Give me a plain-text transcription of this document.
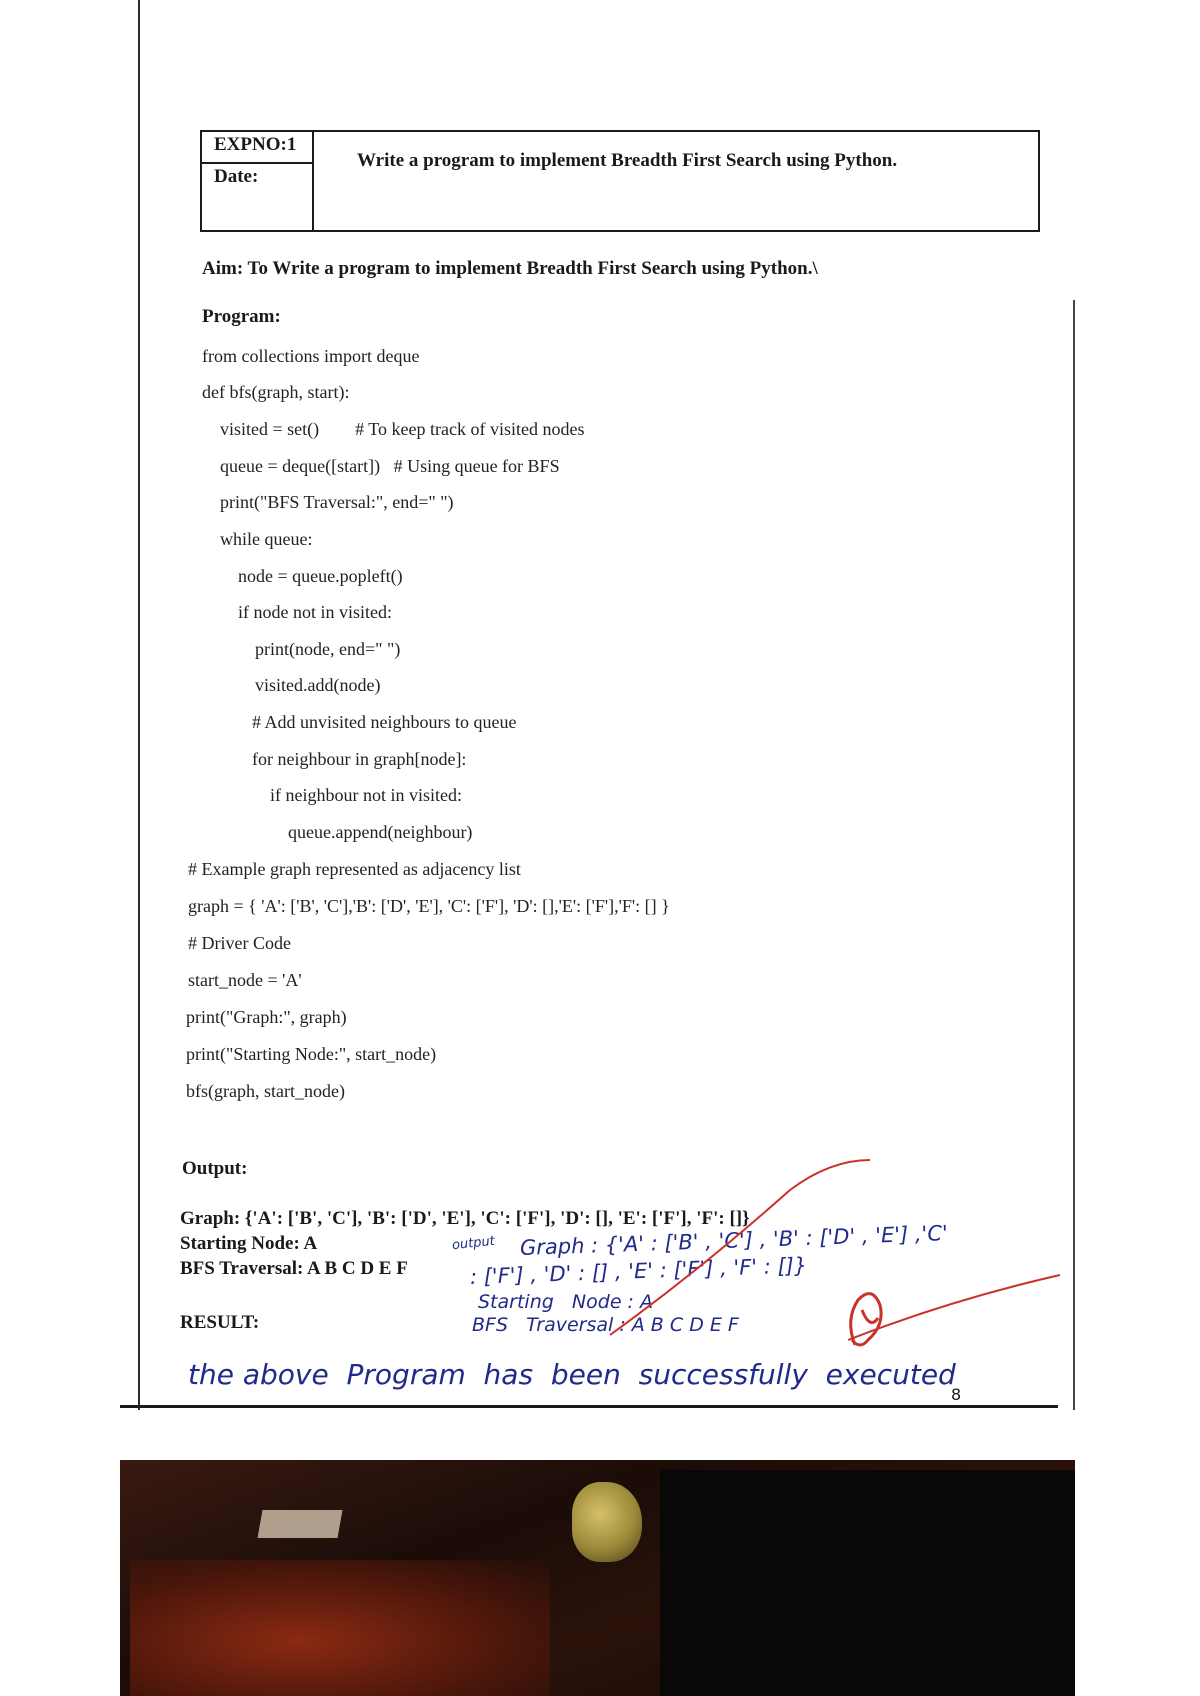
EXPNO:1
Date:
Write a program to implement Breadth First Search using Python.
Aim: To Write a program to implement Breadth First Search using Python.\
Program:
from collections import deque
def bfs(graph, start):
visited = set()        # To keep track of visited nodes
queue = deque([start])   # Using queue for BFS
print("BFS Traversal:", end=" ")
while queue:
node = queue.popleft()
if node not in visited:
print(node, end=" ")
visited.add(node)
# Add unvisited neighbours to queue
for neighbour in graph[node]:
if neighbour not in visited:
queue.append(neighbour)
# Example graph represented as adjacency list
graph = { 'A': ['B', 'C'],'B': ['D', 'E'], 'C': ['F'], 'D': [],'E': ['F'],'F': [] }
# Driver Code
start_node = 'A'
print("Graph:", graph)
print("Starting Node:", start_node)
bfs(graph, start_node)
Output:
Graph: {'A': ['B', 'C'], 'B': ['D', 'E'], 'C': ['F'], 'D': [], 'E': ['F'], 'F': []}
Starting Node: A
BFS Traversal: A B C D E F
RESULT:
output Graph : {'A' : ['B' , 'C'] , 'B' : ['D' , 'E'] ,'C'
: ['F'] , 'D' : [] , 'E' : ['F'] , 'F' : []}
Starting   Node : A
BFS   Traversal : A B C D E F
the above  Program  has  been  successfully  executed
8
